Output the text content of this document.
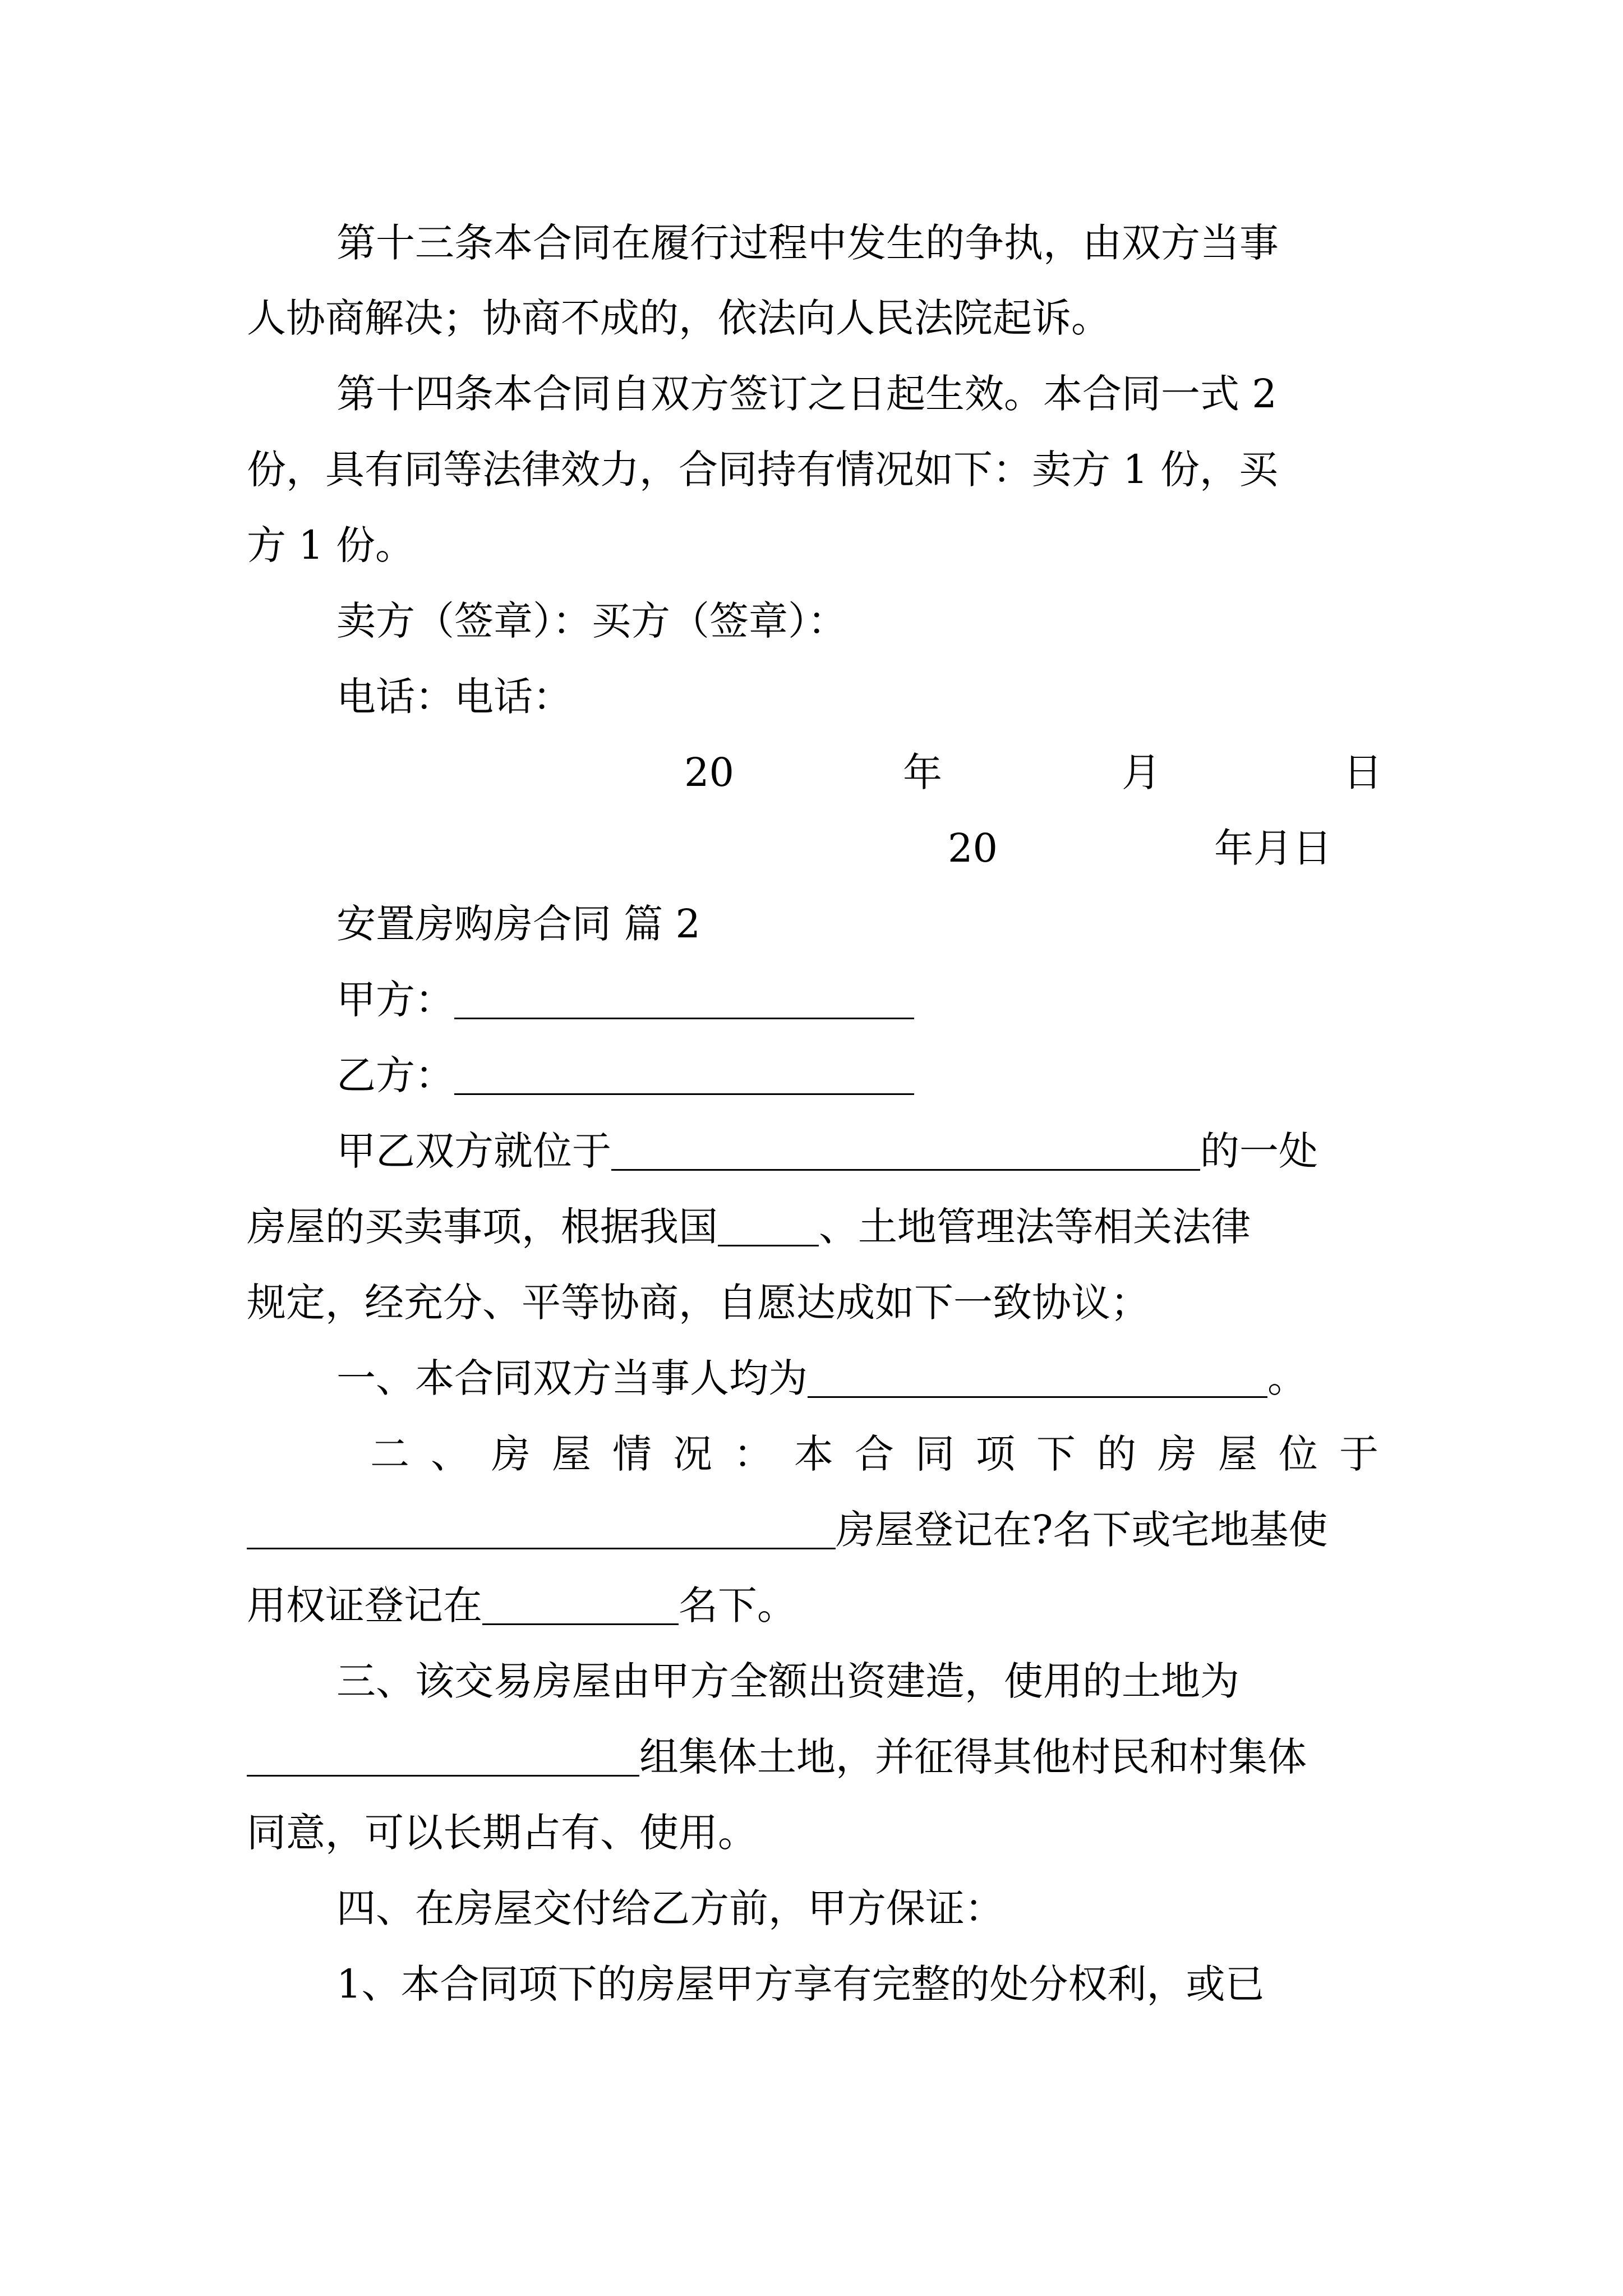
第十三条本合同在履行过程中发生的争执，由双方当事
人协商解决；协商不成的，依法向人民法院起诉。
第十四条本合同自双方签订之日起生效。本合同一式 2
份，具有同等法律效力，合同持有情况如下：卖方 1 份，买
方 1 份。
卖方（签章）：买方（签章）：
电话：电话：
20	年	月	日
20	年月日
安置房购房合同 篇 2
甲方：
乙方：
甲乙双方就位于	的一处
房屋的买卖事项，根据我国	、土地管理法等相关法律
规定，经充分、平等协商，自愿达成如下一致协议；
一、本合同双方当事人均为	。
二、房屋情况：本合同项下的房屋位于
房屋登记在?名下或宅地基使
用权证登记在	名下。
三、该交易房屋由甲方全额出资建造，使用的土地为
组集体土地，并征得其他村民和村集体
同意，可以长期占有、使用。
四、在房屋交付给乙方前，甲方保证：
1、本合同项下的房屋甲方享有完整的处分权利，或已
